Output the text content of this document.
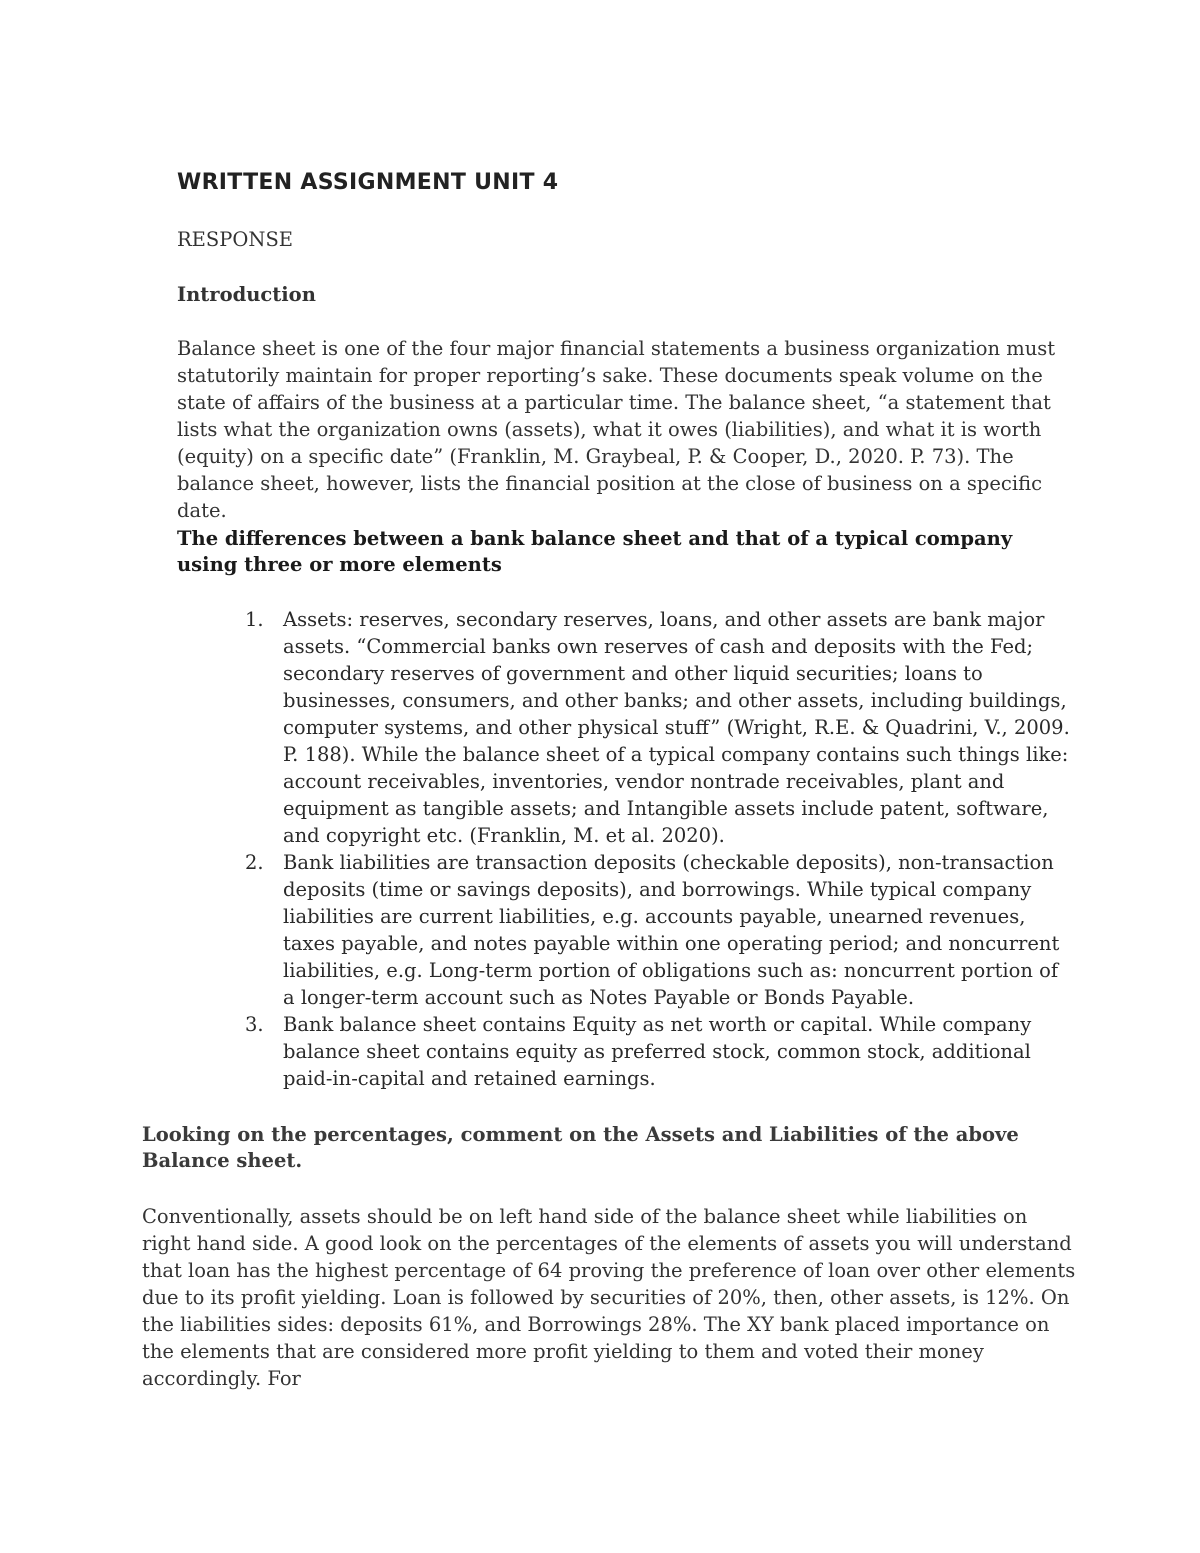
WRITTEN ASSIGNMENT UNIT 4
RESPONSE
Introduction

Balance sheet is one of the four major financial statements a business organization must statutorily maintain for proper reporting’s sake. These documents speak volume on the state of affairs of the business at a particular time. The balance sheet, “a statement that lists what the organization owns (assets), what it owes (liabilities), and what it is worth (equity) on a specific date” (Franklin, M. Graybeal, P. & Cooper, D., 2020. P. 73). The balance sheet, however, lists the financial position at the close of business on a specific date.

The differences between a bank balance sheet and that of a typical company using three or more elements
1. Assets: reserves, secondary reserves, loans, and other assets are bank major assets. “Commercial banks own reserves of cash and deposits with the Fed; secondary reserves of government and other liquid securities; loans to businesses, consumers, and other banks; and other assets, including buildings, computer systems, and other physical stuff” (Wright, R.E. & Quadrini, V., 2009. P. 188). While the balance sheet of a typical company contains such things like: account receivables, inventories, vendor nontrade receivables, plant and equipment as tangible assets; and Intangible assets include patent, software, and copyright etc. (Franklin, M. et al. 2020).
2. Bank liabilities are transaction deposits (checkable deposits), non-transaction deposits (time or savings deposits), and borrowings. While typical company liabilities are current liabilities, e.g. accounts payable, unearned revenues, taxes payable, and notes payable within one operating period; and noncurrent liabilities, e.g. Long-term portion of obligations such as: noncurrent portion of a longer-term account such as Notes Payable or Bonds Payable.
3. Bank balance sheet contains Equity as net worth or capital. While company balance sheet contains equity as preferred stock, common stock, additional paid-in-capital and retained earnings.
Looking on the percentages, comment on the Assets and Liabilities of the above Balance sheet.

Conventionally, assets should be on left hand side of the balance sheet while liabilities on right hand side. A good look on the percentages of the elements of assets you will understand that loan has the highest percentage of 64 proving the preference of loan over other elements due to its profit yielding. Loan is followed by securities of 20%, then, other assets, is 12%. On the liabilities sides: deposits 61%, and Borrowings 28%. The XY bank placed importance on the elements that are considered more profit yielding to them and voted their money accordingly. For
